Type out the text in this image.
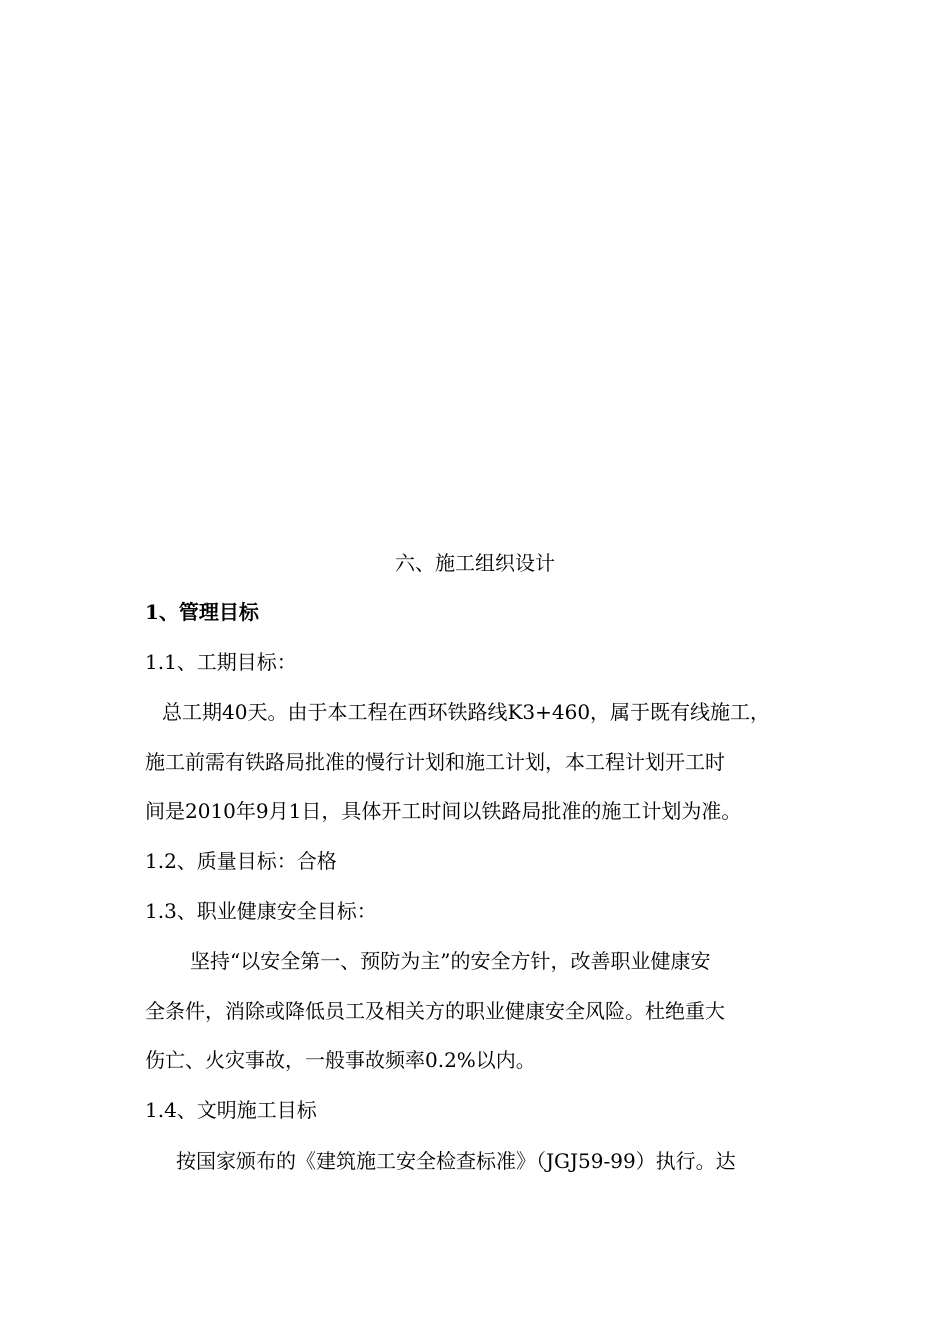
六、施工组织设计
1、管理目标
1.1、工期目标：
总工期40天。由于本工程在西环铁路线K3+460，属于既有线施工，
施工前需有铁路局批准的慢行计划和施工计划，本工程计划开工时
间是2010年9月1日，具体开工时间以铁路局批准的施工计划为准。
1.2、质量目标：合格
1.3、职业健康安全目标：
坚持“以安全第一、预防为主”的安全方针，改善职业健康安
全条件，消除或降低员工及相关方的职业健康安全风险。杜绝重大
伤亡、火灾事故，一般事故频率0.2%以内。
1.4、文明施工目标
按国家颁布的《建筑施工安全检查标准》（JGJ59-99）执行。达
